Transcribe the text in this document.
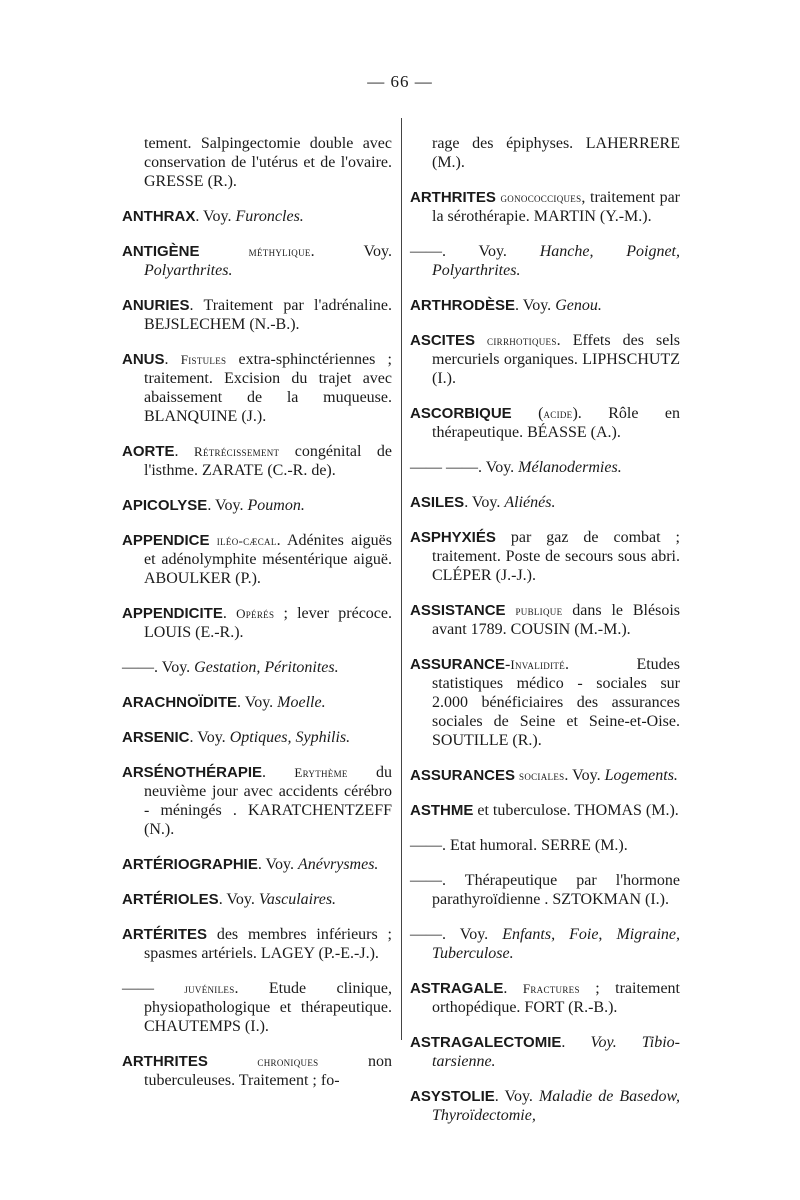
— 66 —

tement. Salpingectomie double avec conservation de l'utérus et de l'ovaire. GRESSE (R.).

ANTHRAX. Voy. Furoncles.

ANTIGÈNE	méthylique. Voy. Polyarthrites.

ANURIES. Traitement par l'adrénaline. BEJSLECHEM (N.-B.).

ANUS. Fistules extra-sphinctériennes ; traitement. Excision du trajet avec abaissement de la muqueuse. BLANQUINE (J.).

AORTE. Rétrécissement congénital de l'isthme. ZARATE (C.-R. de).

APICOLYSE. Voy. Poumon.

APPENDICE iléo-cæcal. Adénites aiguës et adénolymphite mésentérique aiguë. ABOULKER (P.).

APPENDICITE. Opérés ; lever précoce. LOUIS (E.-R.).

——. Voy. Gestation, Péritonites.

ARACHNOÏDITE. Voy. Moelle.

ARSENIC. Voy. Optiques, Syphilis.

ARSÉNOTHÉRAPIE. Erythème du neuvième jour avec accidents cérébro - méningés . KARATCHENTZEFF (N.).

ARTÉRIOGRAPHIE. Voy. Anévrysmes.

ARTÉRIOLES. Voy. Vasculaires.

ARTÉRITES des membres inférieurs ; spasmes artériels. LAGEY (P.-E.-J.).

—— juvéniles. Etude clinique, physiopathologique et thérapeutique. CHAUTEMPS (I.).

ARTHRITES	chroniques non tuberculeuses. Traitement ; fo-

rage des épiphyses. LAHERRERE (M.).

ARTHRITES gonococciques, traitement par la sérothérapie. MARTIN (Y.-M.).

——. Voy. Hanche, Poignet, Polyarthrites.

ARTHRODÈSE. Voy. Genou.

ASCITES cirrhotiques. Effets des sels mercuriels organiques. LIPHSCHUTZ (I.).

ASCORBIQUE (acide). Rôle en thérapeutique. BÉASSE (A.).

—— ——. Voy. Mélanodermies.

ASILES. Voy. Aliénés.

ASPHYXIÉS par gaz de combat ; traitement. Poste de secours sous abri. CLÉPER (J.-J.).

ASSISTANCE publique dans le Blésois avant 1789. COUSIN (M.-M.).

ASSURANCE-Invalidité. Etudes statistiques médico - sociales sur 2.000 bénéficiaires des assurances sociales de Seine et Seine-et-Oise. SOUTILLE (R.).

ASSURANCES sociales. Voy. Logements.

ASTHME et tuberculose. THOMAS (M.).

——. Etat humoral. SERRE (M.).

——. Thérapeutique par l'hormone parathyroïdienne . SZTOKMAN (I.).

——. Voy. Enfants, Foie, Migraine, Tuberculose.

ASTRAGALE. Fractures ; traitement orthopédique. FORT (R.-B.).

ASTRAGALECTOMIE. Voy. Tibio-tarsienne.

ASYSTOLIE. Voy. Maladie de Basedow, Thyroïdectomie,
